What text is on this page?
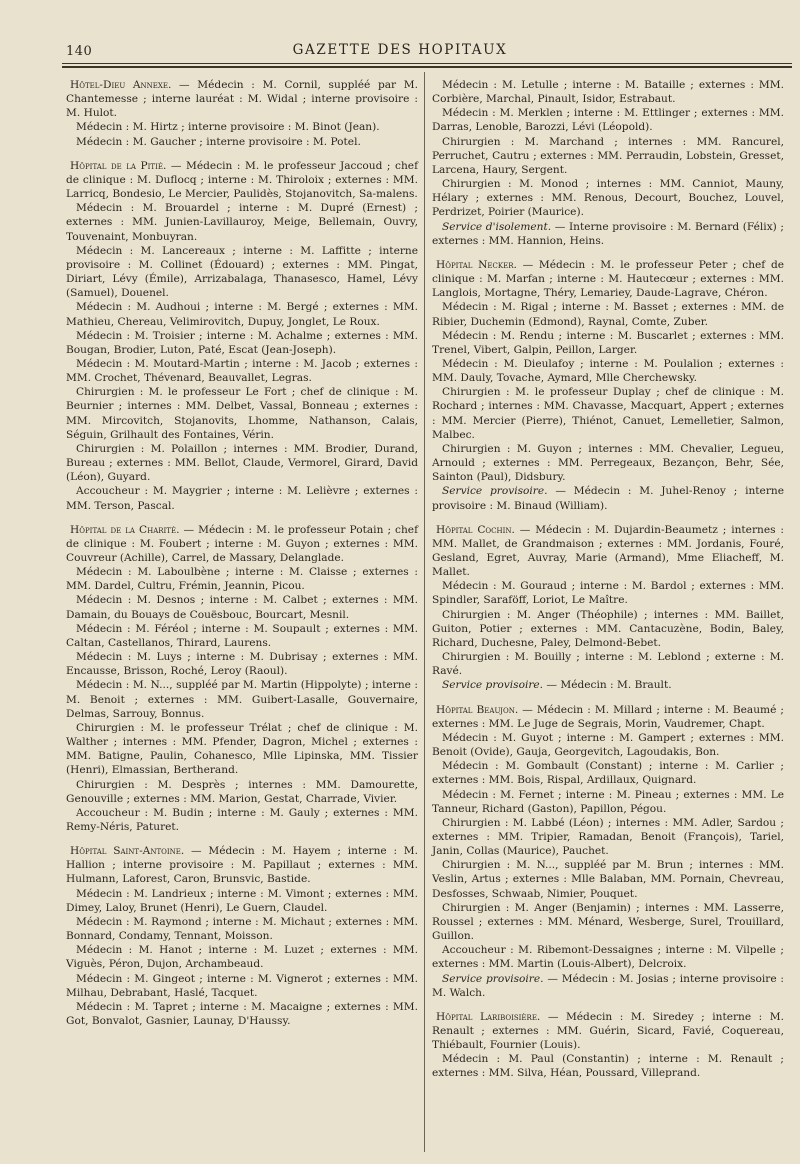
140	GAZETTE DES HOPITAUX

Hôtel-Dieu Annexe. — Médecin : M. Cornil, suppléé par M. Chantemesse ; interne lauréat : M. Widal ; interne provisoire : M. Hulot.

Médecin : M. Hirtz ; interne provisoire : M. Binot (Jean).

Médecin : M. Gaucher ; interne provisoire : M. Potel.

Hôpital de la Pitié. — Médecin : M. le professeur Jaccoud ; chef de clinique : M. Duflocq ; interne : M. Thiroloix ; externes : MM. Larricq, Bondesio, Le Mercier, Paulidès, Stojanovitch, Sa-malens.

Médecin : M. Brouardel ; interne : M. Dupré (Ernest) ; externes : MM. Junien-Lavillauroy, Meige, Bellemain, Ouvry, Touvenaint, Monbuyran.

Médecin : M. Lancereaux ; interne : M. Laffitte ; interne provisoire : M. Collinet (Édouard) ; externes : MM. Pingat, Diriart, Lévy (Émile), Arrizabalaga, Thanasesco, Hamel, Lévy (Samuel), Douenel.

Médecin : M. Audhoui ; interne : M. Bergé ; externes : MM. Mathieu, Chereau, Velimirovitch, Dupuy, Jonglet, Le Roux.

Médecin : M. Troisier ; interne : M. Achalme ; externes : MM. Bougan, Brodier, Luton, Paté, Escat (Jean-Joseph).

Médecin : M. Moutard-Martin ; interne : M. Jacob ; externes : MM. Crochet, Thévenard, Beauvallet, Legras.

Chirurgien : M. le professeur Le Fort ; chef de clinique : M. Beurnier ; internes : MM. Delbet, Vassal, Bonneau ; externes : MM. Mircovitch, Stojanovits, Lhomme, Nathanson, Calais, Séguin, Grilhault des Fontaines, Vérin.

Chirurgien : M. Polaillon ; internes : MM. Brodier, Durand, Bureau ; externes : MM. Bellot, Claude, Vermorel, Girard, David (Léon), Guyard.

Accoucheur : M. Maygrier ; interne : M. Lelièvre ; externes : MM. Terson, Pascal.

Hôpital de la Charité. — Médecin : M. le professeur Potain ; chef de clinique : M. Foubert ; interne : M. Guyon ; externes : MM. Couvreur (Achille), Carrel, de Massary, Delanglade.

Médecin : M. Laboulbène ; interne : M. Claisse ; externes : MM. Dardel, Cultru, Frémin, Jeannin, Picou.

Médecin : M. Desnos ; interne : M. Calbet ; externes : MM. Damain, du Bouays de Couësbouc, Bourcart, Mesnil.

Médecin : M. Féréol ; interne : M. Soupault ; externes : MM. Caltan, Castellanos, Thirard, Laurens.

Médecin : M. Luys ; interne : M. Dubrisay ; externes : MM. Encausse, Brisson, Roché, Leroy (Raoul).

Médecin : M. N..., suppléé par M. Martin (Hippolyte) ; interne : M. Benoit ; externes : MM. Guibert-Lasalle, Gouvernaire, Delmas, Sarrouy, Bonnus.

Chirurgien : M. le professeur Trélat ; chef de clinique : M. Walther ; internes : MM. Pfender, Dagron, Michel ; externes : MM. Batigne, Paulin, Cohanesco, Mlle Lipinska, MM. Tissier (Henri), Elmassian, Bertherand.

Chirurgien : M. Desprès ; internes : MM. Damourette, Genouville ; externes : MM. Marion, Gestat, Charrade, Vivier.

Accoucheur : M. Budin ; interne : M. Gauly ; externes : MM. Remy-Néris, Paturet.

Hôpital Saint-Antoine. — Médecin : M. Hayem ; interne : M. Hallion ; interne provisoire : M. Papillaut ; externes : MM. Hulmann, Laforest, Caron, Brunsvic, Bastide.

Médecin : M. Landrieux ; interne : M. Vimont ; externes : MM. Dimey, Laloy, Brunet (Henri), Le Guern, Claudel.

Médecin : M. Raymond ; interne : M. Michaut ; externes : MM. Bonnard, Condamy, Tennant, Moisson.

Médecin : M. Hanot ; interne : M. Luzet ; externes : MM. Viguès, Péron, Dujon, Archambeaud.

Médecin : M. Gingeot ; interne : M. Vignerot ; externes : MM. Milhau, Debrabant, Haslé, Tacquet.

Médecin : M. Tapret ; interne : M. Macaigne ; externes : MM. Got, Bonvalot, Gasnier, Launay, D'Haussy.

Médecin : M. Letulle ; interne : M. Bataille ; externes : MM. Corbière, Marchal, Pinault, Isidor, Estrabaut.

Médecin : M. Merklen ; interne : M. Ettlinger ; externes : MM. Darras, Lenoble, Barozzi, Lévi (Léopold).

Chirurgien : M. Marchand ; internes : MM. Rancurel, Perruchet, Cautru ; externes : MM. Perraudin, Lobstein, Gresset, Larcena, Haury, Sergent.

Chirurgien : M. Monod ; internes : MM. Canniot, Mauny, Hélary ; externes : MM. Renous, Decourt, Bouchez, Louvel, Perdrizet, Poirier (Maurice).

Service d'isolement. — Interne provisoire : M. Bernard (Félix) ; externes : MM. Hannion, Heins.

Hôpital Necker. — Médecin : M. le professeur Peter ; chef de clinique : M. Marfan ; interne : M. Hautecœur ; externes : MM. Langlois, Mortagne, Théry, Lemariey, Daude-Lagrave, Chéron.

Médecin : M. Rigal ; interne : M. Basset ; externes : MM. de Ribier, Duchemin (Edmond), Raynal, Comte, Zuber.

Médecin : M. Rendu ; interne : M. Buscarlet ; externes : MM. Trenel, Vibert, Galpin, Peillon, Larger.

Médecin : M. Dieulafoy ; interne : M. Poulalion ; externes : MM. Dauly, Tovache, Aymard, Mlle Cherchewsky.

Chirurgien : M. le professeur Duplay ; chef de clinique : M. Rochard ; internes : MM. Chavasse, Macquart, Appert ; externes : MM. Mercier (Pierre), Thiénot, Canuet, Lemelletier, Salmon, Malbec.

Chirurgien : M. Guyon ; internes : MM. Chevalier, Legueu, Arnould ; externes : MM. Perregeaux, Bezançon, Behr, Sée, Sainton (Paul), Didsbury.

Service provisoire. — Médecin : M. Juhel-Renoy ; interne provisoire : M. Binaud (William).

Hôpital Cochin. — Médecin : M. Dujardin-Beaumetz ; internes : MM. Mallet, de Grandmaison ; externes : MM. Jordanis, Fouré, Gesland, Egret, Auvray, Marie (Armand), Mme Eliacheff, M. Mallet.

Médecin : M. Gouraud ; interne : M. Bardol ; externes : MM. Spindler, Saraföff, Loriot, Le Maître.

Chirurgien : M. Anger (Théophile) ; internes : MM. Baillet, Guiton, Potier ; externes : MM. Cantacuzène, Bodin, Baley, Richard, Duchesne, Paley, Delmond-Bebet.

Chirurgien : M. Bouilly ; interne : M. Leblond ; externe : M. Ravé.

Service provisoire. — Médecin : M. Brault.

Hôpital Beaujon. — Médecin : M. Millard ; interne : M. Beaumé ; externes : MM. Le Juge de Segrais, Morin, Vaudremer, Chapt.

Médecin : M. Guyot ; interne : M. Gampert ; externes : MM. Benoit (Ovide), Gauja, Georgevitch, Lagoudakis, Bon.

Médecin : M. Gombault (Constant) ; interne : M. Carlier ; externes : MM. Bois, Rispal, Ardillaux, Quignard.

Médecin : M. Fernet ; interne : M. Pineau ; externes : MM. Le Tanneur, Richard (Gaston), Papillon, Pégou.

Chirurgien : M. Labbé (Léon) ; internes : MM. Adler, Sardou ; externes : MM. Tripier, Ramadan, Benoit (François), Tariel, Janin, Collas (Maurice), Pauchet.

Chirurgien : M. N..., suppléé par M. Brun ; internes : MM. Veslin, Artus ; externes : Mlle Balaban, MM. Pornain, Chevreau, Desfosses, Schwaab, Nimier, Pouquet.

Chirurgien : M. Anger (Benjamin) ; internes : MM. Lasserre, Roussel ; externes : MM. Ménard, Wesberge, Surel, Trouillard, Guillon.

Accoucheur : M. Ribemont-Dessaignes ; interne : M. Vilpelle ; externes : MM. Martin (Louis-Albert), Delcroix.

Service provisoire. — Médecin : M. Josias ; interne provisoire : M. Walch.

Hôpital Lariboisière. — Médecin : M. Siredey ; interne : M. Renault ; externes : MM. Guérin, Sicard, Favié, Coquereau, Thiébault, Fournier (Louis).

Médecin : M. Paul (Constantin) ; interne : M. Renault ; externes : MM. Silva, Héan, Poussard, Villeprand.
